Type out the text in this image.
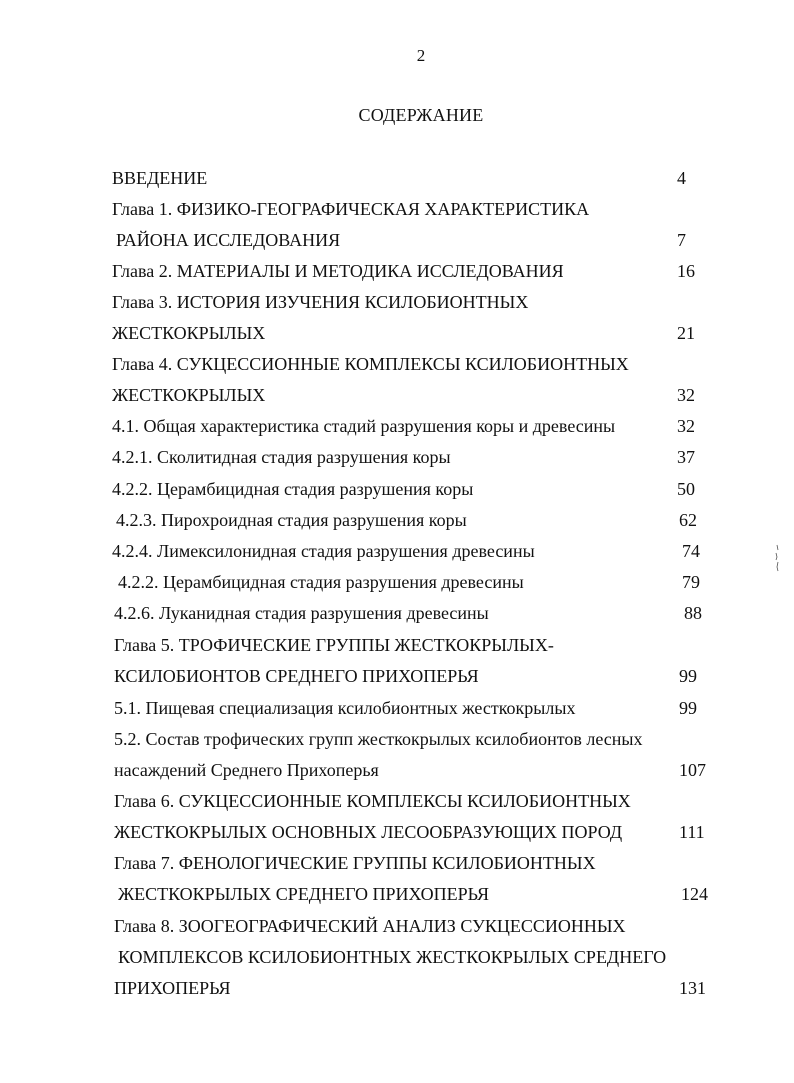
2
СОДЕРЖАНИЕ
ВВЕДЕНИЕ	4
Глава 1. ФИЗИКО-ГЕОГРАФИЧЕСКАЯ ХАРАКТЕРИСТИКА
РАЙОНА ИССЛЕДОВАНИЯ	7
Глава 2. МАТЕРИАЛЫ И МЕТОДИКА ИССЛЕДОВАНИЯ	16
Глава 3. ИСТОРИЯ ИЗУЧЕНИЯ КСИЛОБИОНТНЫХ
ЖЕСТКОКРЫЛЫХ	21
Глава 4. СУКЦЕССИОННЫЕ КОМПЛЕКСЫ КСИЛОБИОНТНЫХ
ЖЕСТКОКРЫЛЫХ	32
4.1. Общая характеристика стадий разрушения коры и древесины	32
4.2.1. Сколитидная стадия разрушения коры	37
4.2.2. Церамбицидная стадия разрушения коры	50
4.2.3. Пирохроидная стадия разрушения коры	62
4.2.4. Лимексилонидная стадия разрушения древесины	74
4.2.2. Церамбицидная стадия разрушения древесины	79
4.2.6. Луканидная стадия разрушения древесины	88
Глава 5. ТРОФИЧЕСКИЕ ГРУППЫ ЖЕСТКОКРЫЛЫХ-
КСИЛОБИОНТОВ СРЕДНЕГО ПРИХОПЕРЬЯ	99
5.1. Пищевая специализация ксилобионтных жесткокрылых	99
5.2. Состав трофических групп жесткокрылых ксилобионтов лесных
насаждений Среднего Прихоперья	107
Глава 6. СУКЦЕССИОННЫЕ КОМПЛЕКСЫ КСИЛОБИОНТНЫХ
ЖЕСТКОКРЫЛЫХ ОСНОВНЫХ ЛЕСООБРАЗУЮЩИХ ПОРОД	111
Глава 7. ФЕНОЛОГИЧЕСКИЕ ГРУППЫ КСИЛОБИОНТНЫХ
ЖЕСТКОКРЫЛЫХ СРЕДНЕГО ПРИХОПЕРЬЯ	124
Глава 8. ЗООГЕОГРАФИЧЕСКИЙ АНАЛИЗ СУКЦЕССИОННЫХ
КОМПЛЕКСОВ КСИЛОБИОНТНЫХ ЖЕСТКОКРЫЛЫХ СРЕДНЕГО
ПРИХОПЕРЬЯ	131
